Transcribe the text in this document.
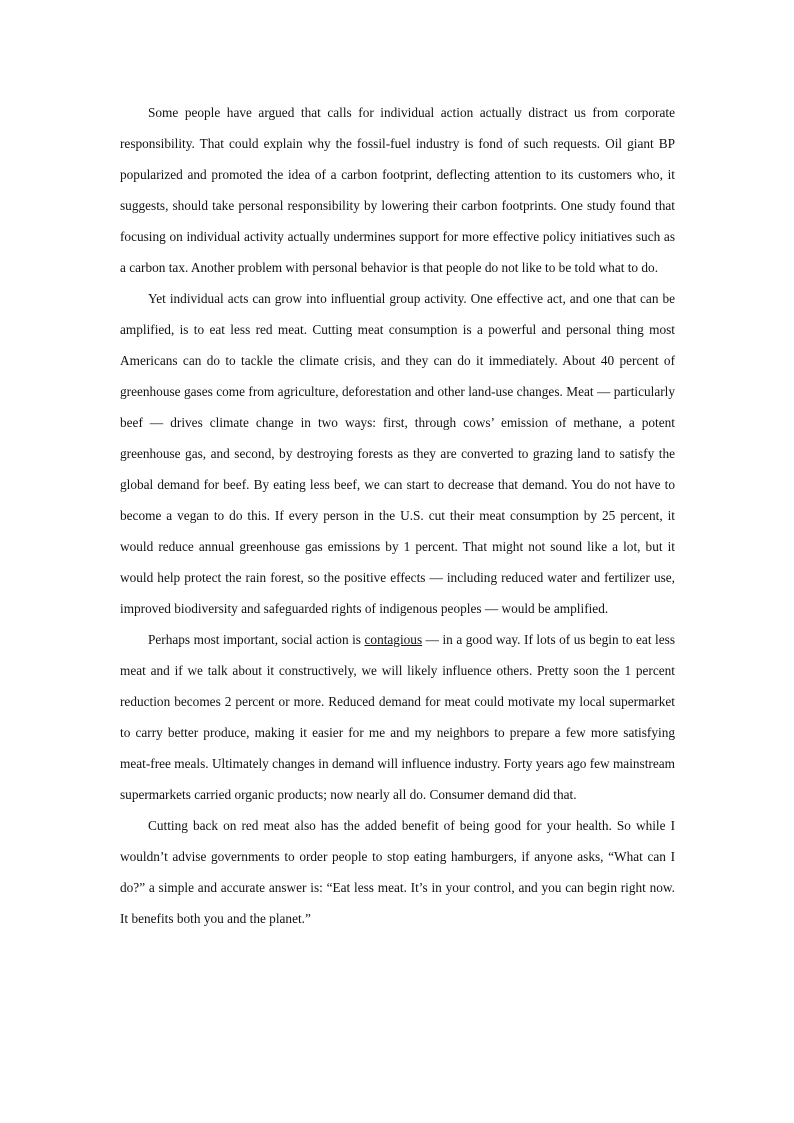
Some people have argued that calls for individual action actually distract us from corporate responsibility. That could explain why the fossil-fuel industry is fond of such requests. Oil giant BP popularized and promoted the idea of a carbon footprint, deflecting attention to its customers who, it suggests, should take personal responsibility by lowering their carbon footprints. One study found that focusing on individual activity actually undermines support for more effective policy initiatives such as a carbon tax. Another problem with personal behavior is that people do not like to be told what to do.

Yet individual acts can grow into influential group activity. One effective act, and one that can be amplified, is to eat less red meat. Cutting meat consumption is a powerful and personal thing most Americans can do to tackle the climate crisis, and they can do it immediately. About 40 percent of greenhouse gases come from agriculture, deforestation and other land-use changes. Meat — particularly beef — drives climate change in two ways: first, through cows’ emission of methane, a potent greenhouse gas, and second, by destroying forests as they are converted to grazing land to satisfy the global demand for beef. By eating less beef, we can start to decrease that demand. You do not have to become a vegan to do this. If every person in the U.S. cut their meat consumption by 25 percent, it would reduce annual greenhouse gas emissions by 1 percent. That might not sound like a lot, but it would help protect the rain forest, so the positive effects — including reduced water and fertilizer use, improved biodiversity and safeguarded rights of indigenous peoples — would be amplified.

Perhaps most important, social action is contagious — in a good way. If lots of us begin to eat less meat and if we talk about it constructively, we will likely influence others. Pretty soon the 1 percent reduction becomes 2 percent or more. Reduced demand for meat could motivate my local supermarket to carry better produce, making it easier for me and my neighbors to prepare a few more satisfying meat-free meals. Ultimately changes in demand will influence industry. Forty years ago few mainstream supermarkets carried organic products; now nearly all do. Consumer demand did that.

Cutting back on red meat also has the added benefit of being good for your health. So while I wouldn’t advise governments to order people to stop eating hamburgers, if anyone asks, “What can I do?” a simple and accurate answer is: “Eat less meat. It’s in your control, and you can begin right now. It benefits both you and the planet.”
